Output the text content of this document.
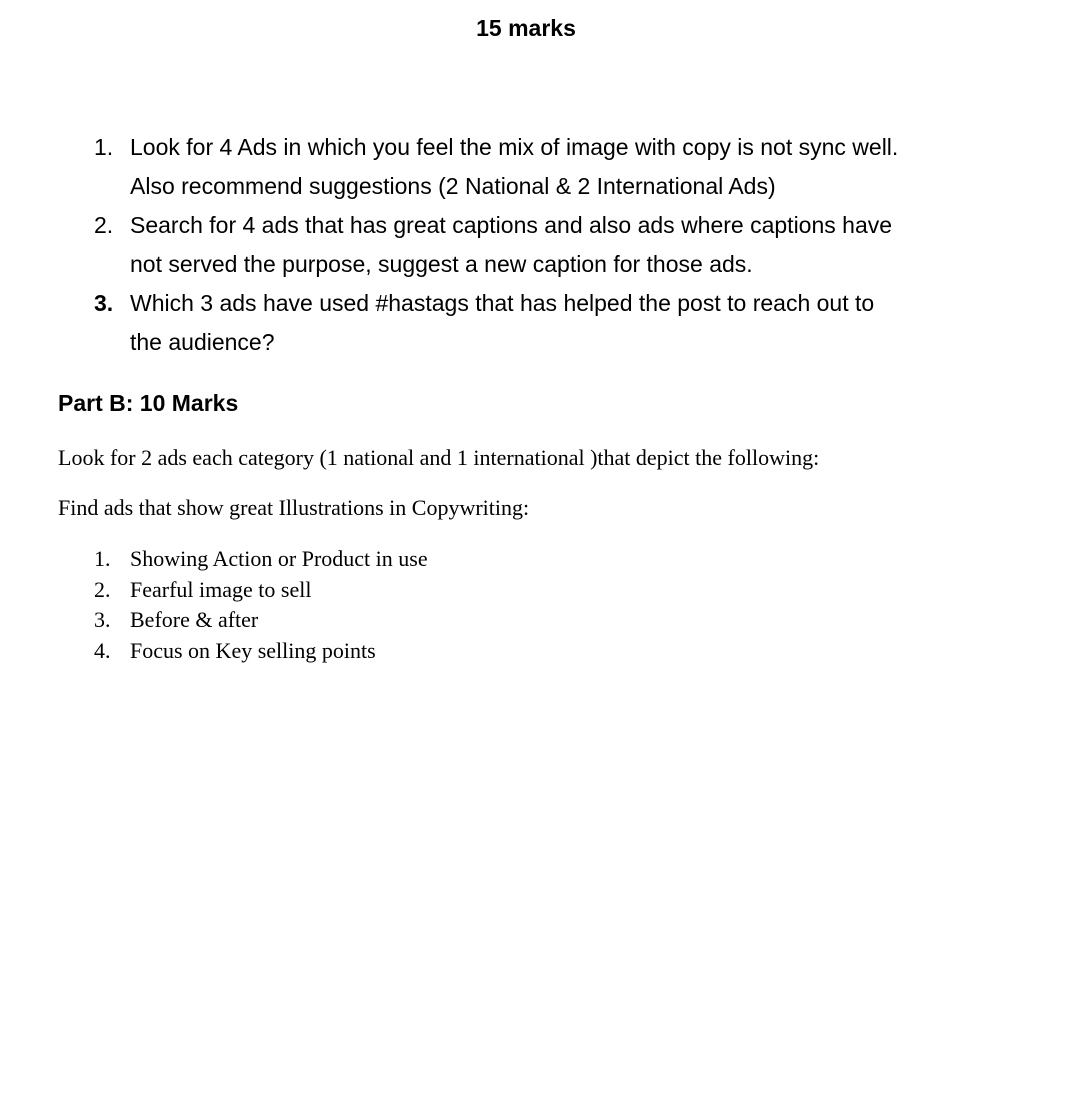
15 marks
1. Look for 4 Ads in which you feel the mix of image with copy is not sync well.
Also recommend suggestions (2 National & 2 International Ads)
2. Search for 4 ads that has great captions and also ads where captions have
not served the purpose, suggest a new caption for those ads.
3. Which 3 ads have used #hastags that has helped the post to reach out to
the audience?
Part B: 10 Marks
Look for 2 ads each category (1 national and 1 international )that depict the following:
Find ads that show great Illustrations in Copywriting:
1. Showing Action or Product in use
2. Fearful image to sell
3. Before & after
4. Focus on Key selling points
